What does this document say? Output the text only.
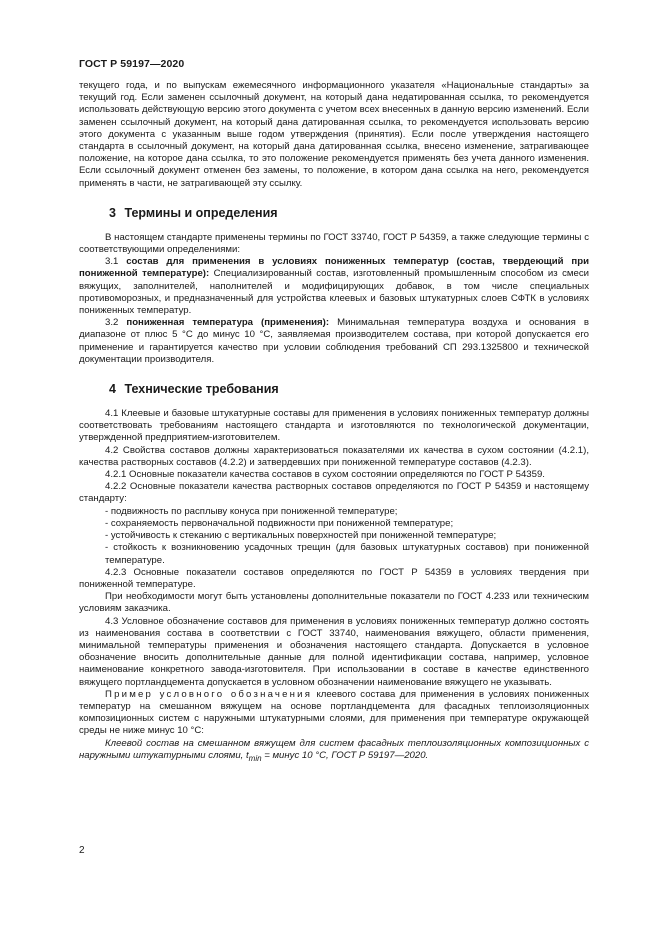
ГОСТ Р 59197—2020

текущего года, и по выпускам ежемесячного информационного указателя «Национальные стандарты» за текущий год. Если заменен ссылочный документ, на который дана недатированная ссылка, то рекомендуется использовать действующую версию этого документа с учетом всех внесенных в данную версию изменений. Если заменен ссылочный документ, на который дана датированная ссылка, то рекомендуется использовать версию этого документа с указанным выше годом утверждения (принятия). Если после утверждения настоящего стандарта в ссылочный документ, на который дана датированная ссылка, внесено изменение, затрагивающее положение, на которое дана ссылка, то это положение рекомендуется применять без учета данного изменения. Если ссылочный документ отменен без замены, то положение, в котором дана ссылка на него, рекомендуется применять в части, не затрагивающей эту ссылку.

3 Термины и определения

В настоящем стандарте применены термины по ГОСТ 33740, ГОСТ Р 54359, а также следующие термины с соответствующими определениями:

3.1 состав для применения в условиях пониженных температур (состав, твердеющий при пониженной температуре): Специализированный состав, изготовленный промышленным способом из смеси вяжущих, заполнителей, наполнителей и модифицирующих добавок, в том числе специальных противоморозных, и предназначенный для устройства клеевых и базовых штукатурных слоев СФТК в условиях пониженных температур.

3.2 пониженная температура (применения): Минимальная температура воздуха и основания в диапазоне от плюс 5 °С до минус 10 °С, заявляемая производителем состава, при которой допускается его применение и гарантируется качество при условии соблюдения требований СП 293.1325800 и технической документации производителя.

4 Технические требования

4.1 Клеевые и базовые штукатурные составы для применения в условиях пониженных температур должны соответствовать требованиям настоящего стандарта и изготовляются по технологической документации, утвержденной предприятием-изготовителем.

4.2 Свойства составов должны характеризоваться показателями их качества в сухом состоянии (4.2.1), качества растворных составов (4.2.2) и затвердевших при пониженной температуре составов (4.2.3).

4.2.1 Основные показатели качества составов в сухом состоянии определяются по ГОСТ Р 54359.

4.2.2 Основные показатели качества растворных составов определяются по ГОСТ Р 54359 и настоящему стандарту:

- подвижность по расплыву конуса при пониженной температуре;

- сохраняемость первоначальной подвижности при пониженной температуре;

- устойчивость к стеканию с вертикальных поверхностей при пониженной температуре;

- стойкость к возникновению усадочных трещин (для базовых штукатурных составов) при пониженной температуре.

4.2.3 Основные показатели составов определяются по ГОСТ Р 54359 в условиях твердения при пониженной температуре.

При необходимости могут быть установлены дополнительные показатели по ГОСТ 4.233 или техническим условиям заказчика.

4.3 Условное обозначение составов для применения в условиях пониженных температур должно состоять из наименования состава в соответствии с ГОСТ 33740, наименования вяжущего, области применения, минимальной температуры применения и обозначения настоящего стандарта. Допускается в условное обозначение вносить дополнительные данные для полной идентификации состава, например, условное наименование конкретного завода-изготовителя. При использовании в составе в качестве единственного вяжущего портландцемента допускается в условном обозначении наименование вяжущего не указывать.

Пример условного обозначения клеевого состава для применения в условиях пониженных температур на смешанном вяжущем на основе портландцемента для фасадных теплоизоляционных композиционных систем с наружными штукатурными слоями, для применения при температуре окружающей среды не ниже минус 10 °С:

Клеевой состав на смешанном вяжущем для систем фасадных теплоизоляционных композиционных с наружными штукатурными слоями, $t_{min}$ = минус 10 °С, ГОСТ Р 59197—2020.

2
